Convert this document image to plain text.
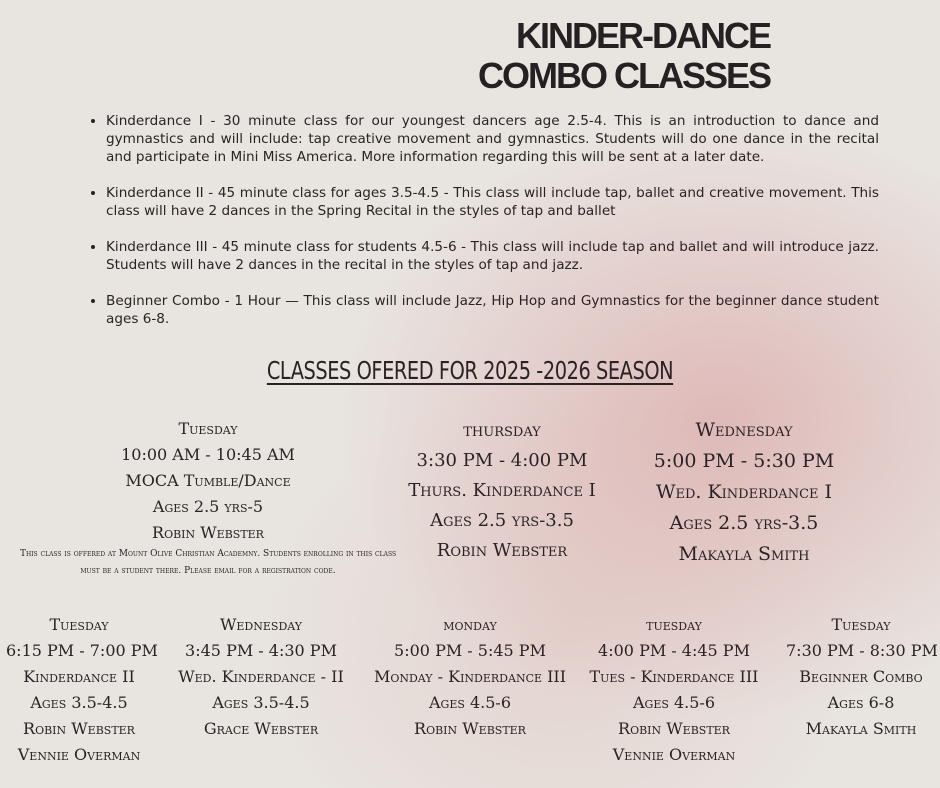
KINDER-DANCE
COMBO CLASSES
• Kinderdance I - 30 minute class for our youngest dancers age 2.5-4. This is an introduction to dance and gymnastics and will include: tap creative movement and gymnastics. Students will do one dance in the recital and participate in Mini Miss America. More information regarding this will be sent at a later date.
• Kinderdance II - 45 minute class for ages 3.5-4.5 - This class will include tap, ballet and creative movement. This class will have 2 dances in the Spring Recital in the styles of tap and ballet
• Kinderdance III - 45 minute class for students 4.5-6 - This class will include tap and ballet and will introduce jazz. Students will have 2 dances in the recital in the styles of tap and jazz.
• Beginner Combo - 1 Hour — This class will include Jazz, Hip Hop and Gymnastics for the beginner dance student ages 6-8.
CLASSES OFERED FOR 2025 -2026 SEASON
Tuesday
10:00 AM - 10:45 AM
MOCA Tumble/Dance
Ages 2.5 yrs-5
Robin Webster
This class is offered at Mount Olive Christian Academny. Students enrolling in this class must be a student there. Please email for a registration code.
thursday
3:30 PM - 4:00 PM
Thurs. Kinderdance I
Ages 2.5 yrs-3.5
Robin Webster
Wednesday
5:00 PM - 5:30 PM
Wed. Kinderdance I
Ages 2.5 yrs-3.5
Makayla Smith
Tuesday
6:15 PM - 7:00 PM
Kinderdance II
Ages 3.5-4.5
Robin Webster
Vennie Overman
Wednesday
3:45 PM - 4:30 PM
Wed. Kinderdance - II
Ages 3.5-4.5
Grace Webster
monday
5:00 PM - 5:45 PM
Monday - Kinderdance III
Ages 4.5-6
Robin Webster
tuesday
4:00 PM - 4:45 PM
Tues - Kinderdance III
Ages 4.5-6
Robin Webster
Vennie Overman
Tuesday
7:30 PM - 8:30 PM
Beginner Combo
Ages 6-8
Makayla Smith
